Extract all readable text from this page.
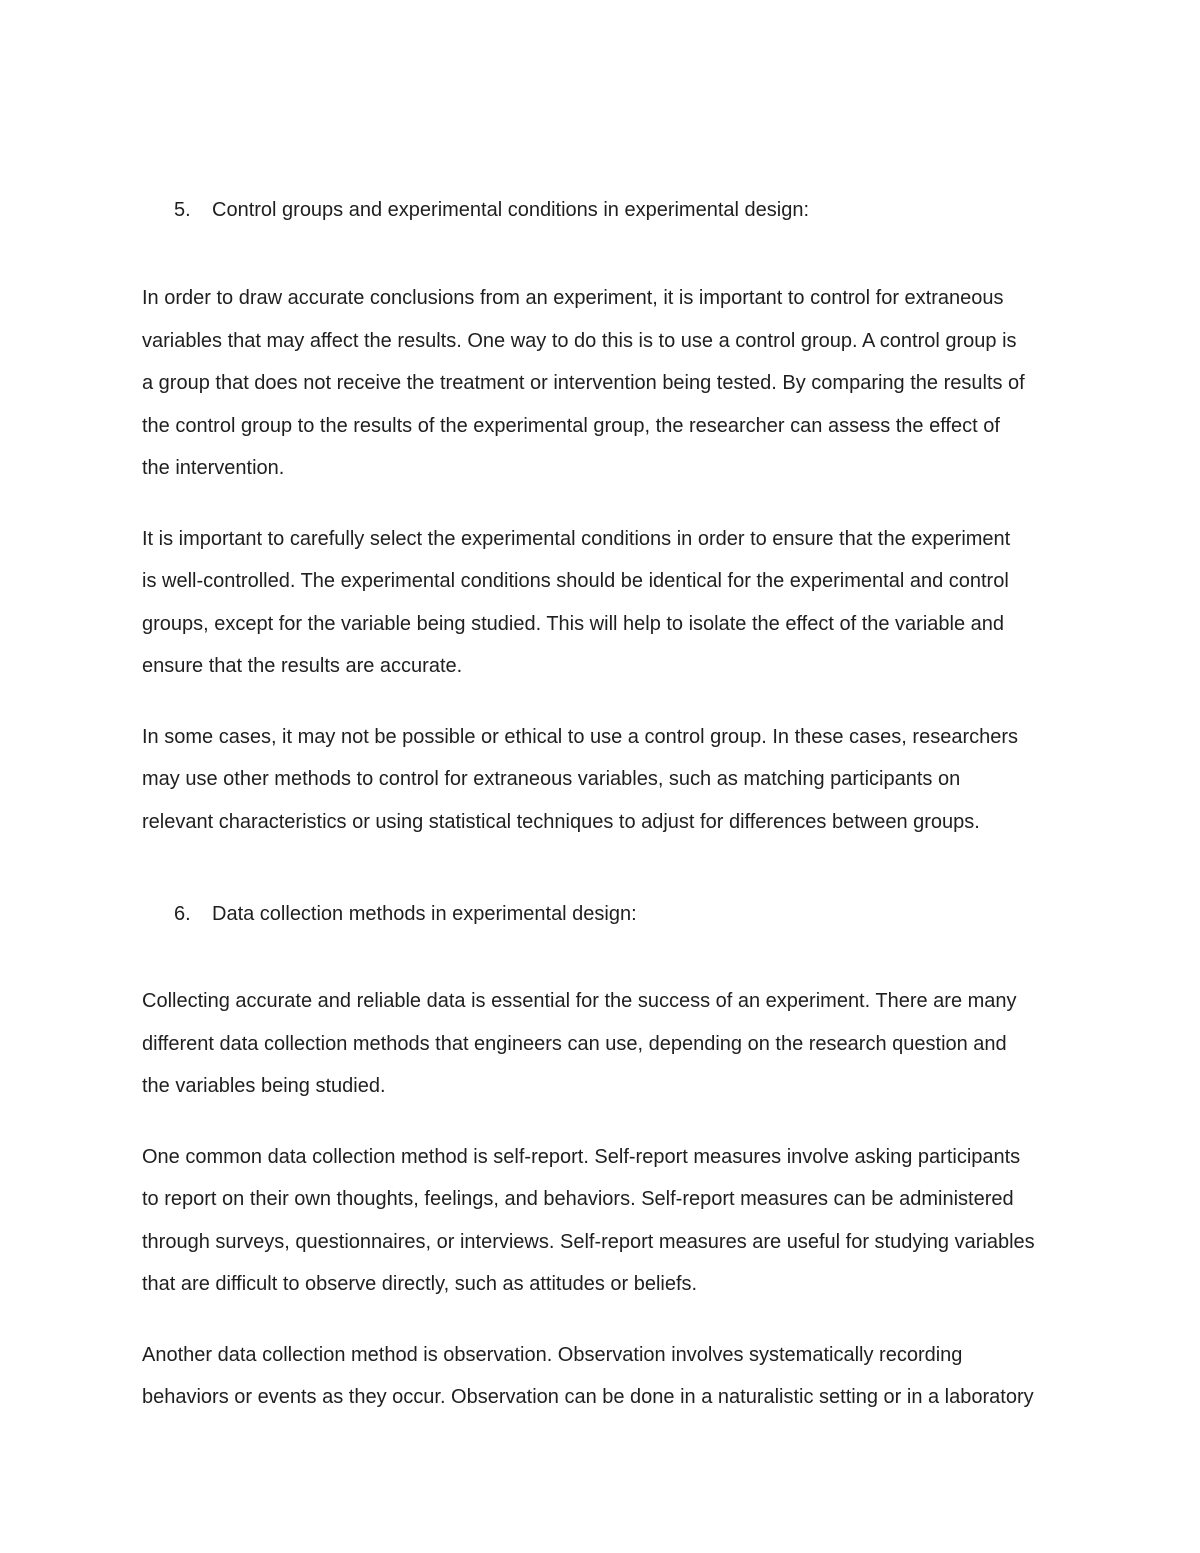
5. Control groups and experimental conditions in experimental design:

In order to draw accurate conclusions from an experiment, it is important to control for extraneous
variables that may affect the results. One way to do this is to use a control group. A control group is
a group that does not receive the treatment or intervention being tested. By comparing the results of
the control group to the results of the experimental group, the researcher can assess the effect of
the intervention.

It is important to carefully select the experimental conditions in order to ensure that the experiment
is well-controlled. The experimental conditions should be identical for the experimental and control
groups, except for the variable being studied. This will help to isolate the effect of the variable and
ensure that the results are accurate.

In some cases, it may not be possible or ethical to use a control group. In these cases, researchers
may use other methods to control for extraneous variables, such as matching participants on
relevant characteristics or using statistical techniques to adjust for differences between groups.

6. Data collection methods in experimental design:

Collecting accurate and reliable data is essential for the success of an experiment. There are many
different data collection methods that engineers can use, depending on the research question and
the variables being studied.

One common data collection method is self-report. Self-report measures involve asking participants
to report on their own thoughts, feelings, and behaviors. Self-report measures can be administered
through surveys, questionnaires, or interviews. Self-report measures are useful for studying variables
that are difficult to observe directly, such as attitudes or beliefs.

Another data collection method is observation. Observation involves systematically recording
behaviors or events as they occur. Observation can be done in a naturalistic setting or in a laboratory
